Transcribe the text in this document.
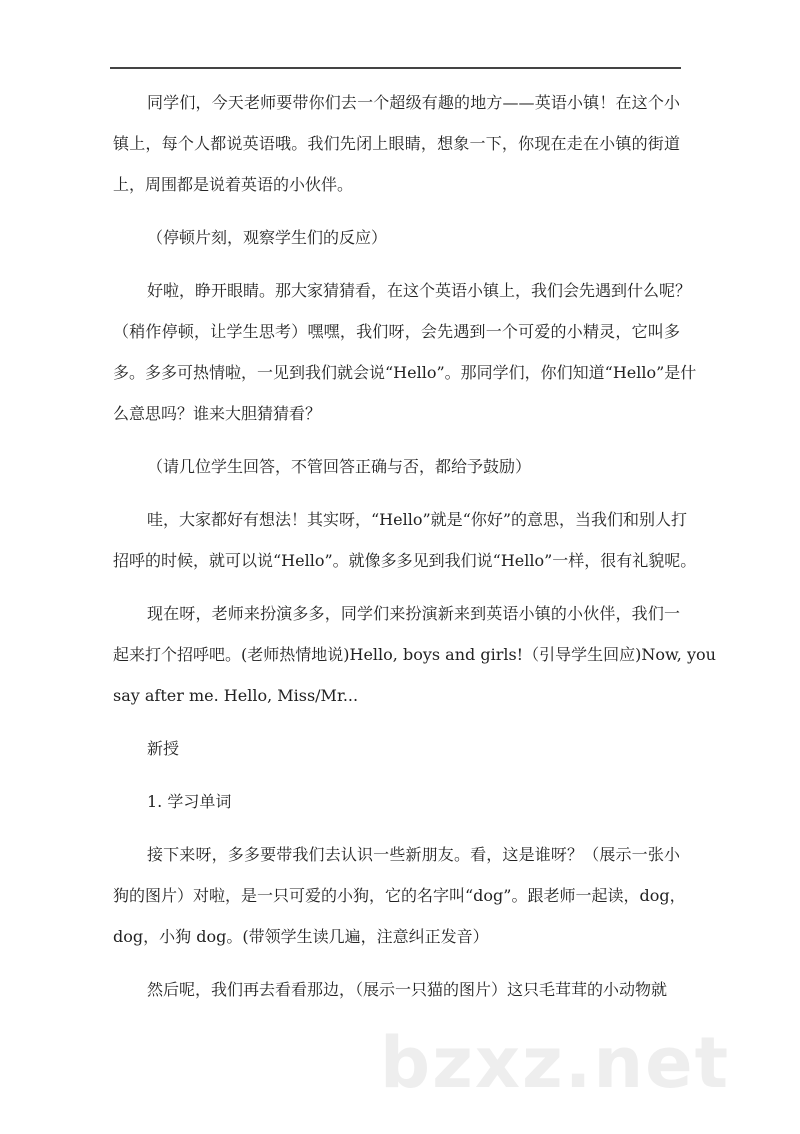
同学们，今天老师要带你们去一个超级有趣的地方——英语小镇！在这个小
镇上，每个人都说英语哦。我们先闭上眼睛，想象一下，你现在走在小镇的街道
上，周围都是说着英语的小伙伴。
（停顿片刻，观察学生们的反应）
好啦，睁开眼睛。那大家猜猜看，在这个英语小镇上，我们会先遇到什么呢？
（稍作停顿，让学生思考）嘿嘿，我们呀，会先遇到一个可爱的小精灵，它叫多
多。多多可热情啦，一见到我们就会说“Hello”。那同学们，你们知道“Hello”是什
么意思吗？谁来大胆猜猜看？
（请几位学生回答，不管回答正确与否，都给予鼓励）
哇，大家都好有想法！其实呀，“Hello”就是“你好”的意思，当我们和别人打
招呼的时候，就可以说“Hello”。就像多多见到我们说“Hello”一样，很有礼貌呢。
现在呀，老师来扮演多多，同学们来扮演新来到英语小镇的小伙伴，我们一
起来打个招呼吧。(老师热情地说)Hello, boys and girls!（引导学生回应)Now, you
say after me. Hello, Miss/Mr...
新授
1. 学习单词
接下来呀，多多要带我们去认识一些新朋友。看，这是谁呀？（展示一张小
狗的图片）对啦，是一只可爱的小狗，它的名字叫“dog”。跟老师一起读，dog，
dog，小狗 dog。(带领学生读几遍，注意纠正发音）
然后呢，我们再去看看那边，（展示一只猫的图片）这只毛茸茸的小动物就
bzxz.net
